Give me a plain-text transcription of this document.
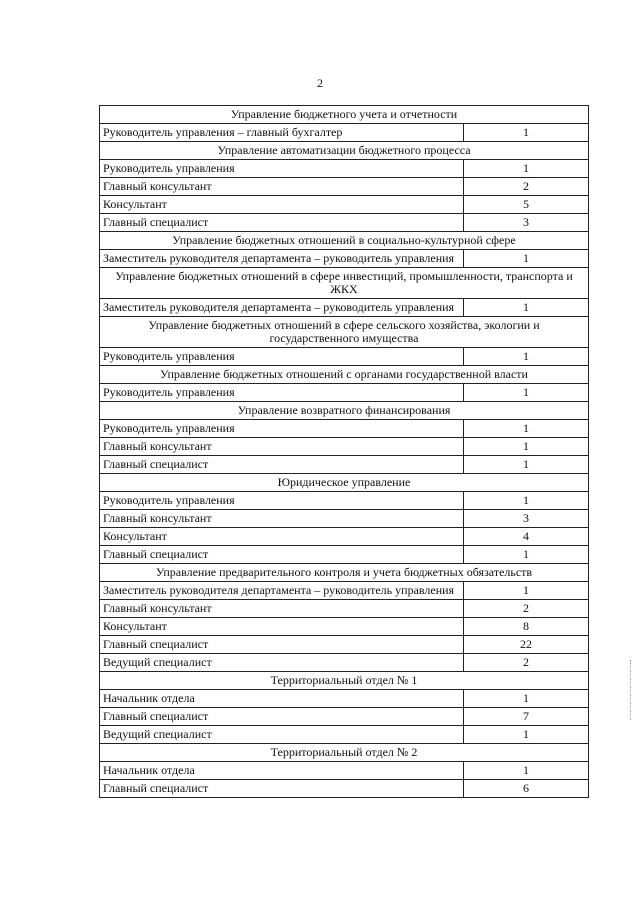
2
Управление бюджетного учета и отчетности	
Руководитель управления – главный бухгалтер	1
Управление автоматизации бюджетного процесса	
Руководитель управления	1
Главный консультант	2
Консультант	5
Главный специалист	3
Управление бюджетных отношений в социально-культурной сфере	
Заместитель руководителя департамента – руководитель управления	1
Управление бюджетных отношений в сфере инвестиций, промышленности, транспорта и ЖКХ	
Заместитель руководителя департамента – руководитель управления	1
Управление бюджетных отношений в сфере сельского хозяйства, экологии и государственного имущества	
Руководитель управления	1
Управление бюджетных отношений с органами государственной власти	
Руководитель управления	1
Управление возвратного финансирования	
Руководитель управления	1
Главный консультант	1
Главный специалист	1
Юридическое управление	
Руководитель управления	1
Главный консультант	3
Консультант	4
Главный специалист	1
Управление предварительного контроля и учета бюджетных обязательств	
Заместитель руководителя департамента – руководитель управления	1
Главный консультант	2
Консультант	8
Главный специалист	22
Ведущий специалист	2
Территориальный отдел № 1	
Начальник отдела	1
Главный специалист	7
Ведущий специалист	1
Территориальный отдел № 2	
Начальник отдела	1
Главный специалист	6
